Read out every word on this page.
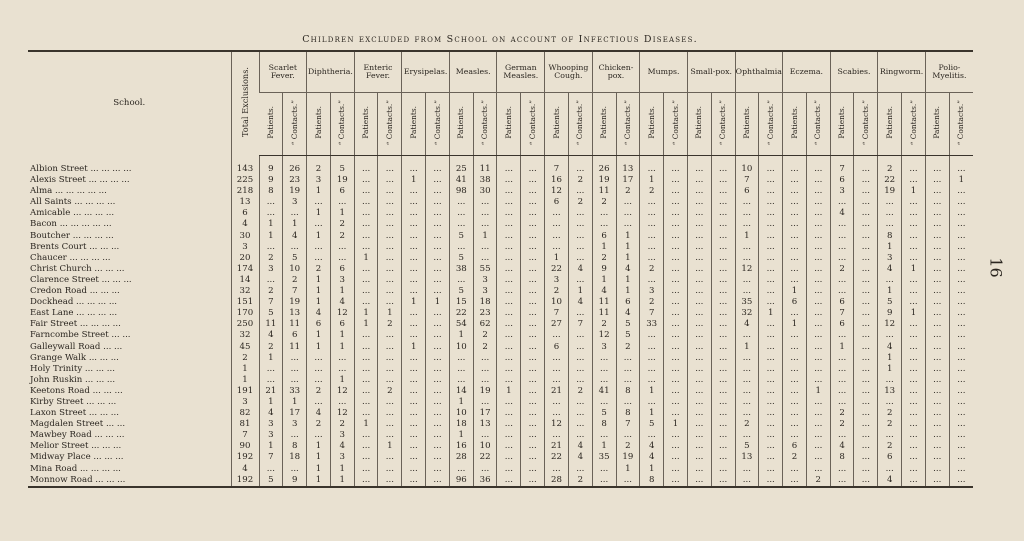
Children excluded from School on account of Infectious Diseases.
16
School.	Total Exclusions.	Scarlet Fever.		Diphtheria.		Enteric Fever.		Erysipelas.		Measles.		German Measles.		Whooping Cough.		Chicken-pox.		Mumps.		Small-pox.		Ophthalmia		Eczema.		Scabies.		Ringworm.		Polio-Myelitis.	
		Patients.	“ Contacts.”	Patients.	“ Contacts.”	Patients.	“ Contacts.”	Patients.	“ Contacts.”	Patients.	“ Contacts.”	Patients.	“ Contacts.”	Patients.	“ Contacts.”	Patients.	“ Contacts.”	Patients.	“ Contacts.”	Patients.	“ Contacts.”	Patients.	“ Contacts.”	Patients.	“ Contacts.”	Patients.	“ Contacts.”	Patients.	“ Contacts.”	Patients.	“ Contacts.”

Albion Street ... ... ... ...	143	9	26	2	5	...	...	...	...	25	11	...	...	7	...	26	13	...	...	...	...	10	...	...	...	7	...	2	...	...	...
Alexis Street ... ... ... ...	225	9	23	3	19	...	...	1	...	41	38	...	...	16	2	19	17	1	...	...	...	7	...	...	...	6	...	22	...	...	1
Alma ... ... ... ... ...	218	8	19	1	6	...	...	...	...	98	30	...	...	12	...	11	2	2	...	...	...	6	...	...	...	3	...	19	1	...	...
All Saints ... ... ... ...	13	...	3	...	...	...	...	...	...	...	...	...	...	6	2	2	...	...	...	...	...	...	...	...	...	...	...	...	...	...	...
Amicable ... ... ... ...	6	...	...	1	1	...	...	...	...	...	...	...	...	...	...	...	...	...	...	...	...	...	...	...	...	4	...	...	...	...	...
Bacon ... ... ... ... ...	4	1	1	...	2	...	...	...	...	...	...	...	...	...	...	...	...	...	...	...	...	...	...	...	...	...	...	...	...	...	...
Boutcher ... ... ... ...	30	1	4	1	2	...	...	...	...	5	1	...	...	...	...	6	1	...	...	...	...	1	...	...	...	...	...	8	...	...	...
Brents Court ... ... ...	3	...	...	...	...	...	...	...	...	...	...	...	...	...	...	1	1	...	...	...	...	...	...	...	...	...	...	1	...	...	...
Chaucer ... ... ... ...	20	2	5	...	...	1	...	...	...	5	...	...	...	1	...	2	1	...	...	...	...	...	...	...	...	...	...	3	...	...	...
Christ Church ... ... ...	174	3	10	2	6	...	...	...	...	38	55	...	...	22	4	9	4	2	...	...	...	12	...	...	...	2	...	4	1	...	...
Clarence Street ... ... ...	14	...	2	1	3	...	...	...	...	...	3	...	...	3	...	1	1	...	...	...	...	...	...	...	...	...	...	...	...	...	...
Credon Road ... ... ...	32	2	7	1	1	...	...	...	...	5	3	...	...	2	1	4	1	3	...	...	...	...	...	1	...	...	...	1	...	...	...
Dockhead ... ... ... ...	151	7	19	1	4	...	...	1	1	15	18	...	...	10	4	11	6	2	...	...	...	35	...	6	...	6	...	5	...	...	...
East Lane ... ... ... ...	170	5	13	4	12	1	1	...	...	22	23	...	...	7	...	11	4	7	...	...	...	32	1	...	...	7	...	9	1	...	...
Fair Street ... ... ... ...	250	11	11	6	6	1	2	...	...	54	62	...	...	27	7	2	5	33	...	...	...	4	...	1	...	6	...	12	...	...	...
Farncombe Street ... ...	32	4	6	1	1	...	...	...	...	1	2	...	...	...	...	12	5	...	...	...	...	...	...	...	...	...	...	...	...	...	...
Galleywall Road ... ...	45	2	11	1	1	...	...	1	...	10	2	...	...	6	...	3	2	...	...	...	...	1	...	...	...	1	...	4	...	...	...
Grange Walk ... ... ...	2	1	...	...	...	...	...	...	...	...	...	...	...	...	...	...	...	...	...	...	...	...	...	...	...	...	...	1	...	...	...
Holy Trinity ... ... ...	1	...	...	...	...	...	...	...	...	...	...	...	...	...	...	...	...	...	...	...	...	...	...	...	...	...	...	1	...	...	...
John Ruskin ... ... ...	1	...	...	...	1	...	...	...	...	...	...	...	...	...	...	...	...	...	...	...	...	...	...	...	...	...	...	...	...	...	...
Keetons Road ... ... ...	191	21	33	2	12	...	2	...	...	14	19	1	...	21	2	41	8	1	...	...	...	...	...	...	1	...	...	13	...	...	...
Kirby Street ... ... ...	3	1	1	...	...	...	...	...	...	1	...	...	...	...	...	...	...	...	...	...	...	...	...	...	...	...	...	...	...	...	...
Laxon Street ... ... ...	82	4	17	4	12	...	...	...	...	10	17	...	...	...	...	5	8	1	...	...	...	...	...	...	...	2	...	2	...	...	...
Magdalen Street ... ...	81	3	3	2	2	1	...	...	...	18	13	...	...	12	...	8	7	5	1	...	...	2	...	...	...	2	...	2	...	...	...
Mawbey Road ... ... ...	7	3	...	...	3	...	...	...	...	1	...	...	...	...	...	...	...	...	...	...	...	...	...	...	...	...	...	...	...	...	...
Melior Street ... ... ...	90	1	8	1	4	...	1	...	...	16	10	...	...	21	4	1	2	4	...	...	...	5	...	6	...	4	...	2	...	...	...
Midway Place ... ... ...	192	7	18	1	3	...	...	...	...	28	22	...	...	22	4	35	19	4	...	...	...	13	...	2	...	8	...	6	...	...	...
Mina Road ... ... ... ...	4	...	...	1	1	...	...	...	...	...	...	...	...	...	...	...	1	1	...	...	...	...	...	...	...	...	...	...	...	...	...
Monnow Road ... ... ...	192	5	9	1	1	...	...	...	...	96	36	...	...	28	2	...	...	8	...	...	...	...	...	...	2	...	...	4	...	...	...
